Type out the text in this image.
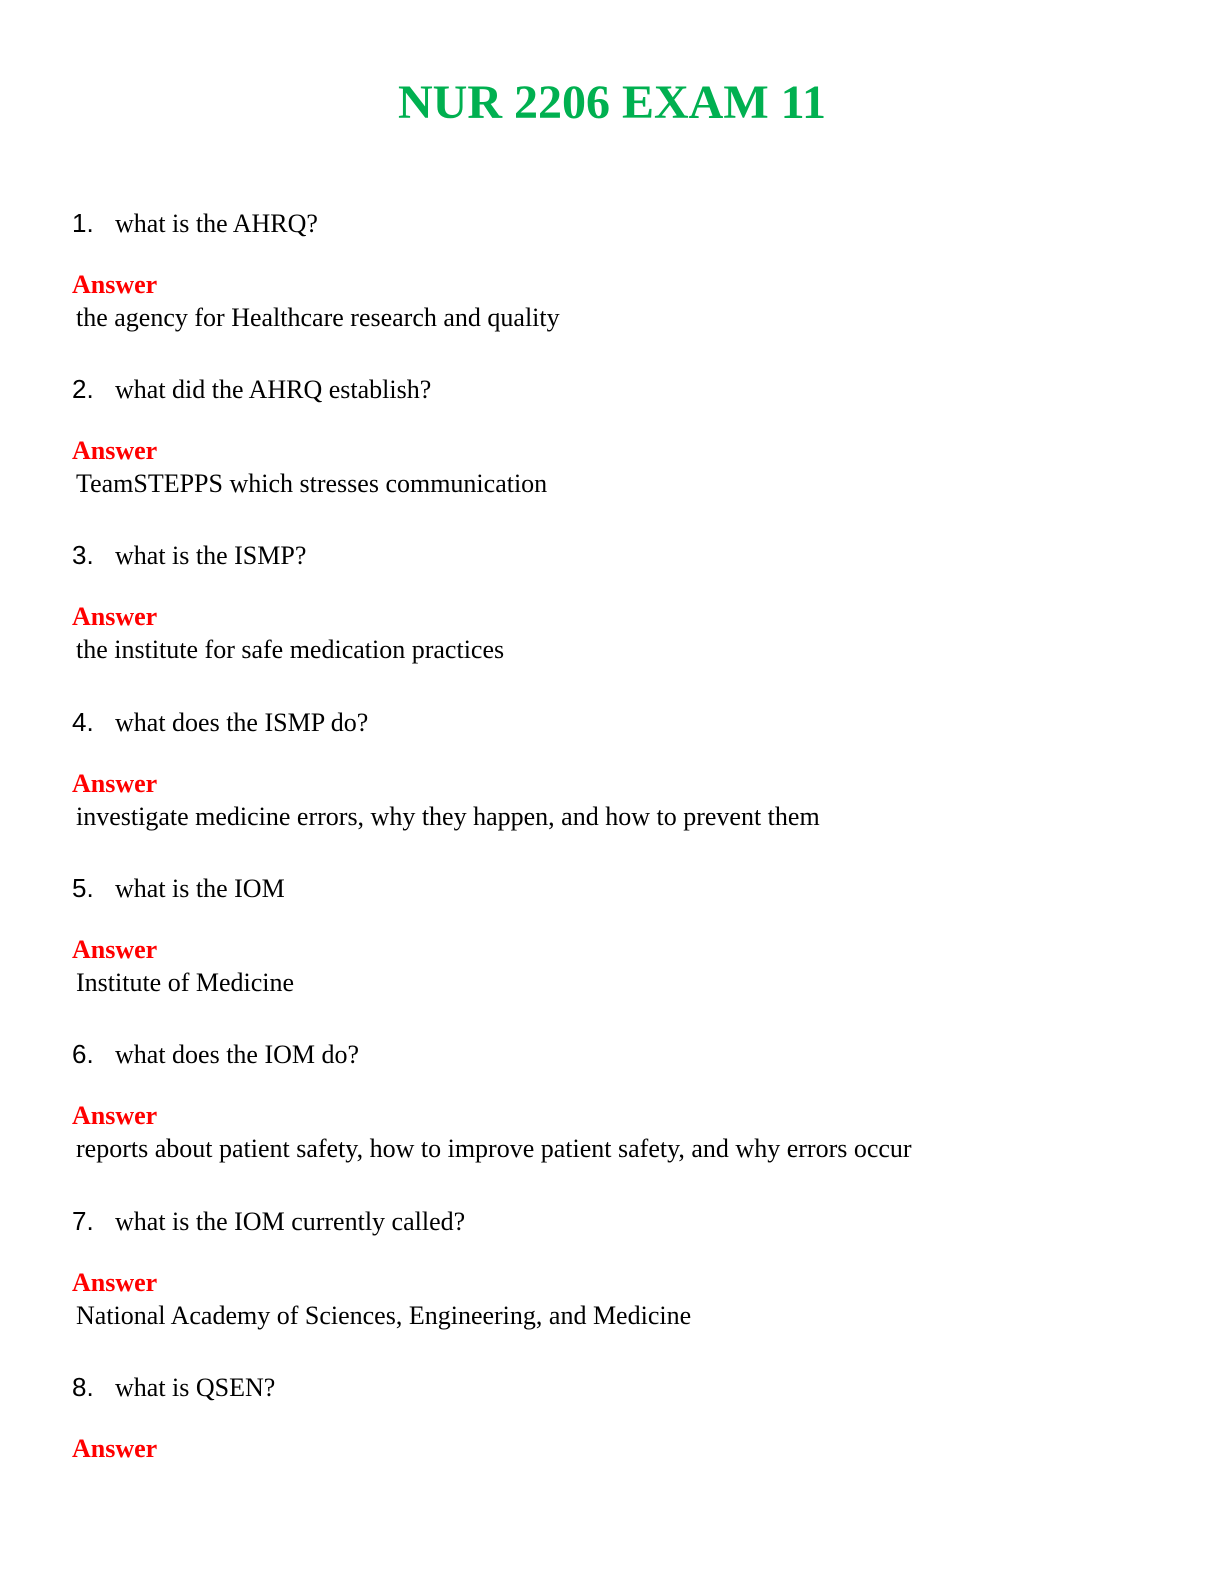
NUR 2206 EXAM 11
1. what is the AHRQ?
Answer
the agency for Healthcare research and quality
2. what did the AHRQ establish?
Answer
TeamSTEPPS which stresses communication
3. what is the ISMP?
Answer
the institute for safe medication practices
4. what does the ISMP do?
Answer
investigate medicine errors, why they happen, and how to prevent them
5. what is the IOM
Answer
Institute of Medicine
6. what does the IOM do?
Answer
reports about patient safety, how to improve patient safety, and why errors occur
7. what is the IOM currently called?
Answer
National Academy of Sciences, Engineering, and Medicine
8. what is QSEN?
Answer
